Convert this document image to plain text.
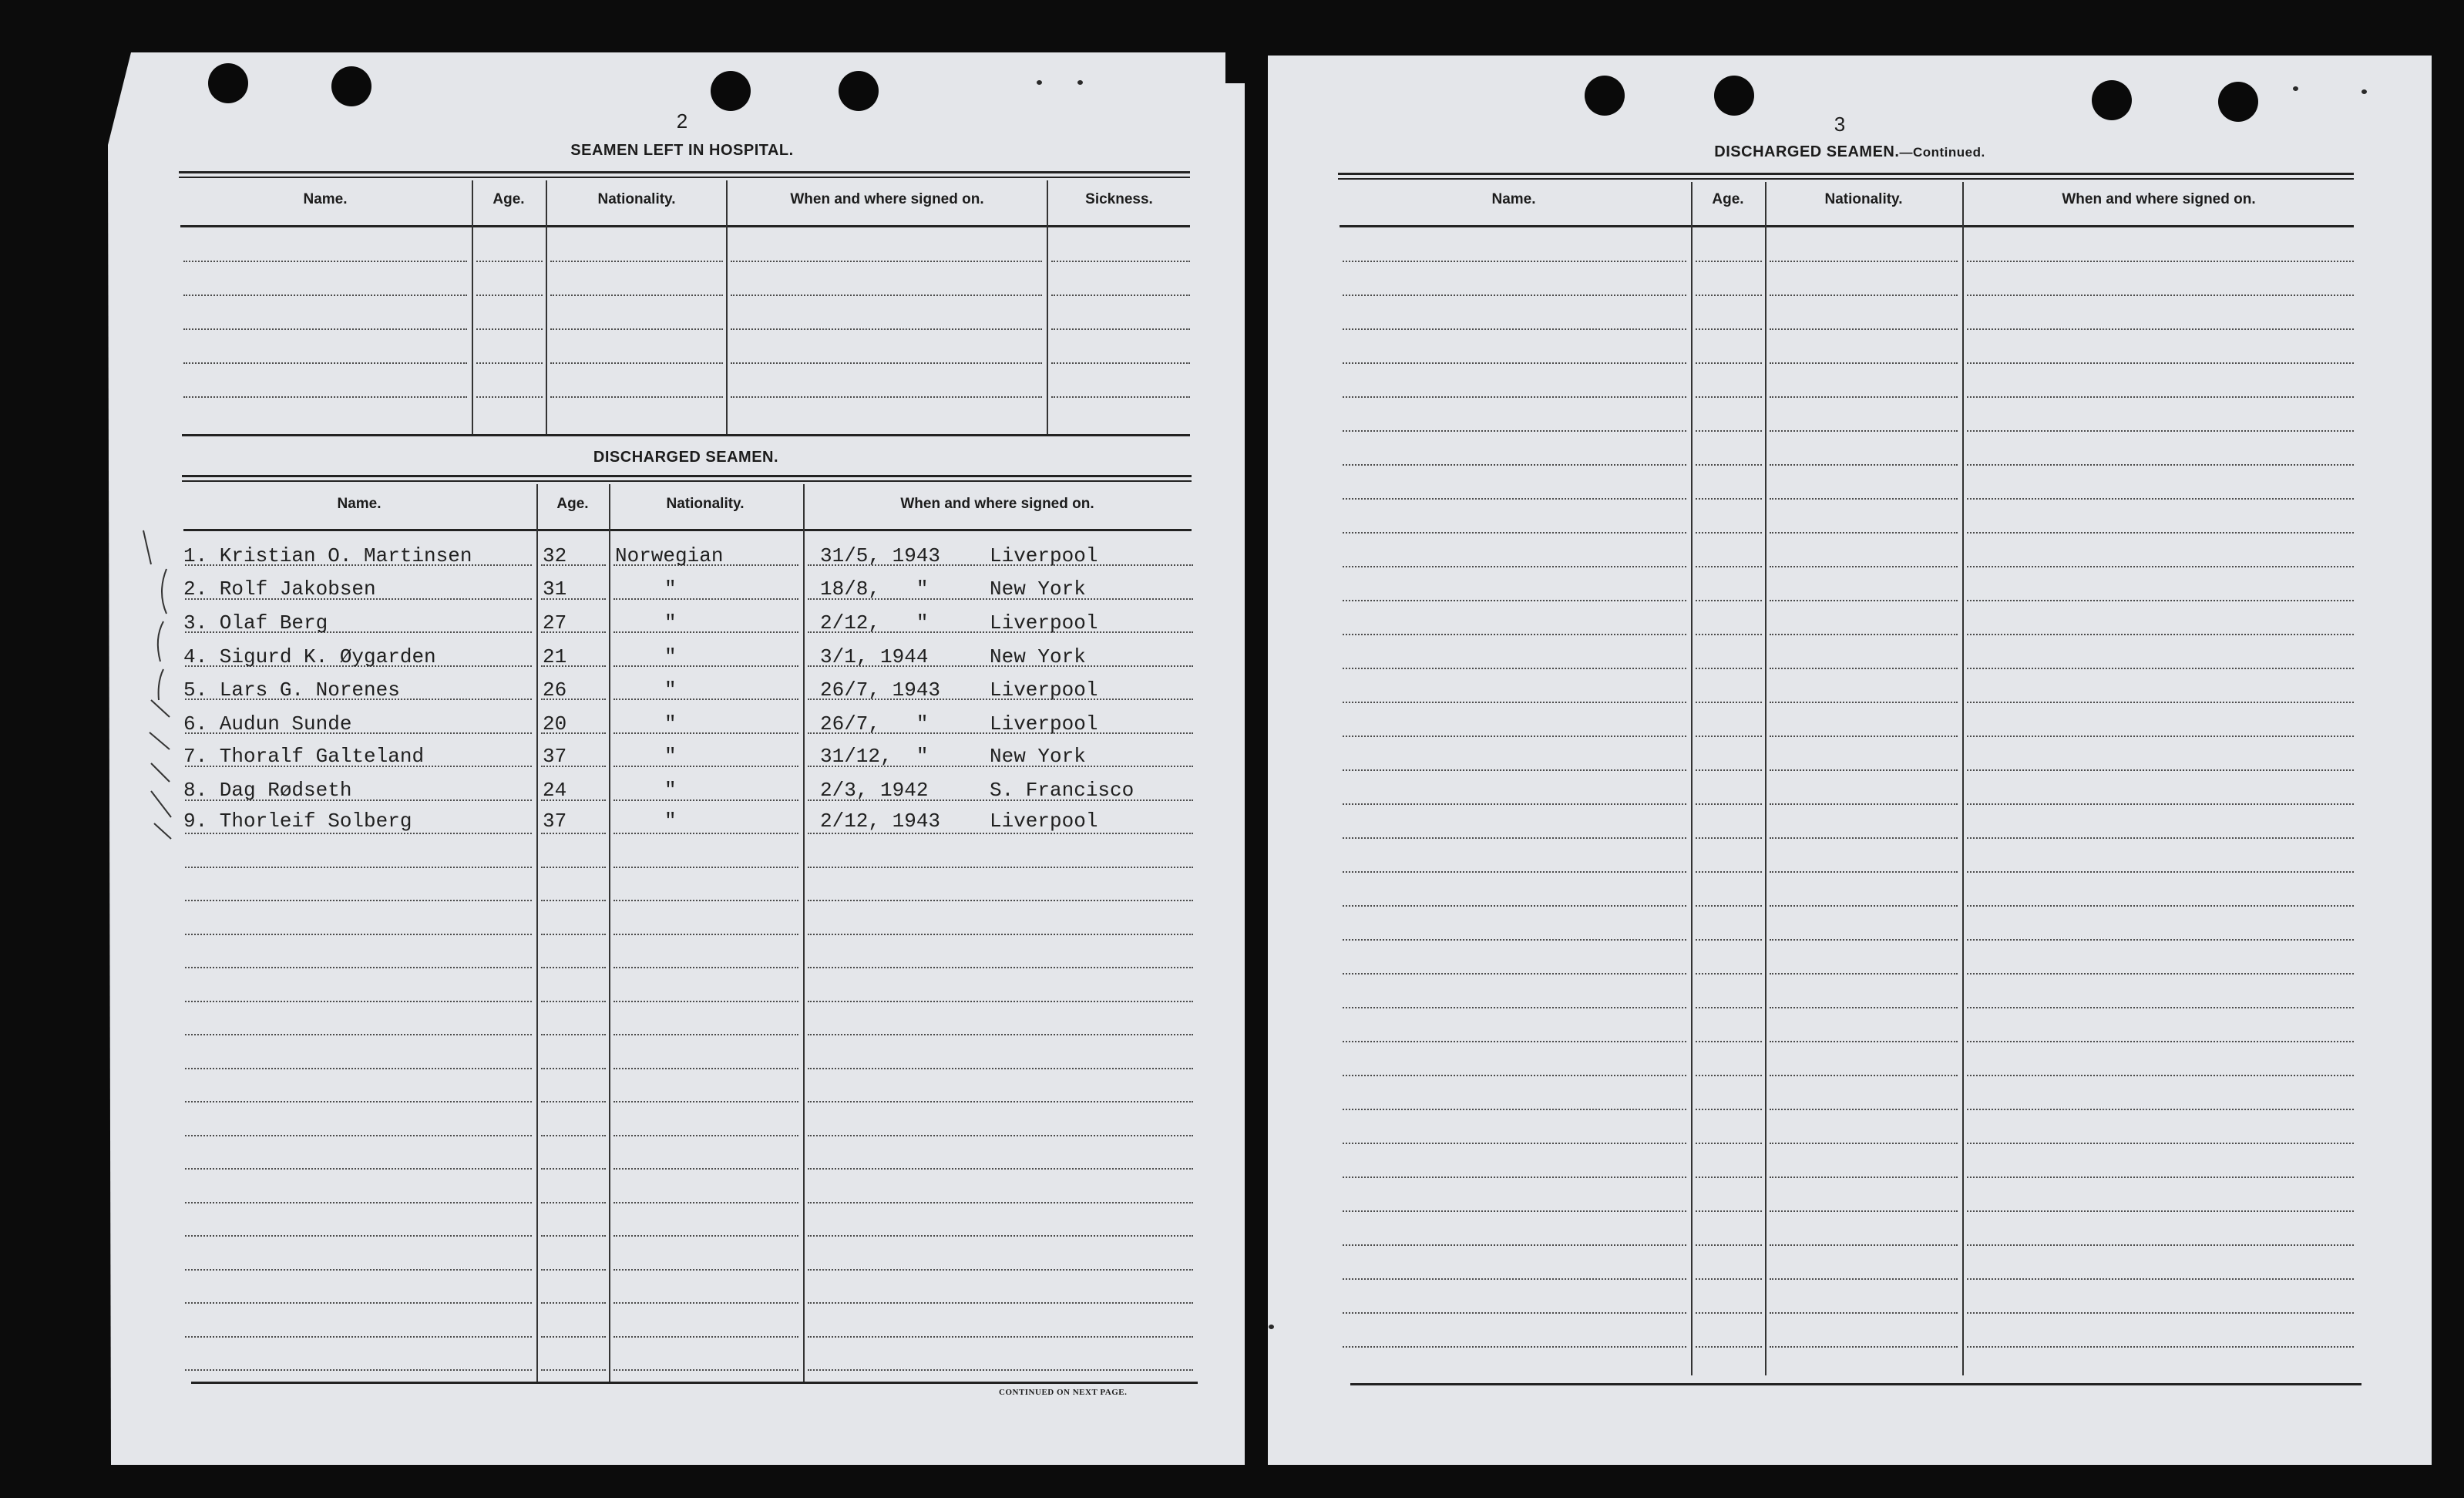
2
SEAMEN LEFT IN HOSPITAL.
Name.	Age.	Nationality.	When and where signed on.	Sickness.
DISCHARGED SEAMEN.
Name.	Age.	Nationality.	When and where signed on.
CONTINUED ON NEXT PAGE.
1. Kristian O. Martinsen	32 Norwegian	31/5, 1943 Liverpool
2. Rolf Jakobsen	31	"	18/8,   "	New York
3. Olaf Berg	27	"	2/12,   "	Liverpool
4. Sigurd K. Øygarden	21	"	3/1, 1944	New York
5. Lars G. Norenes	26	"	26/7, 1943 Liverpool
6. Audun Sunde	20	"	26/7,   "	Liverpool
7. Thoralf Galteland	37	"	31/12,  "	New York
8. Dag Rødseth	24	"	2/3, 1942	S. Francisco
9. Thorleif Solberg	37	"	2/12, 1943 Liverpool
3
DISCHARGED SEAMEN.—Continued.
Name.	Age.	Nationality.	When and where signed on.
